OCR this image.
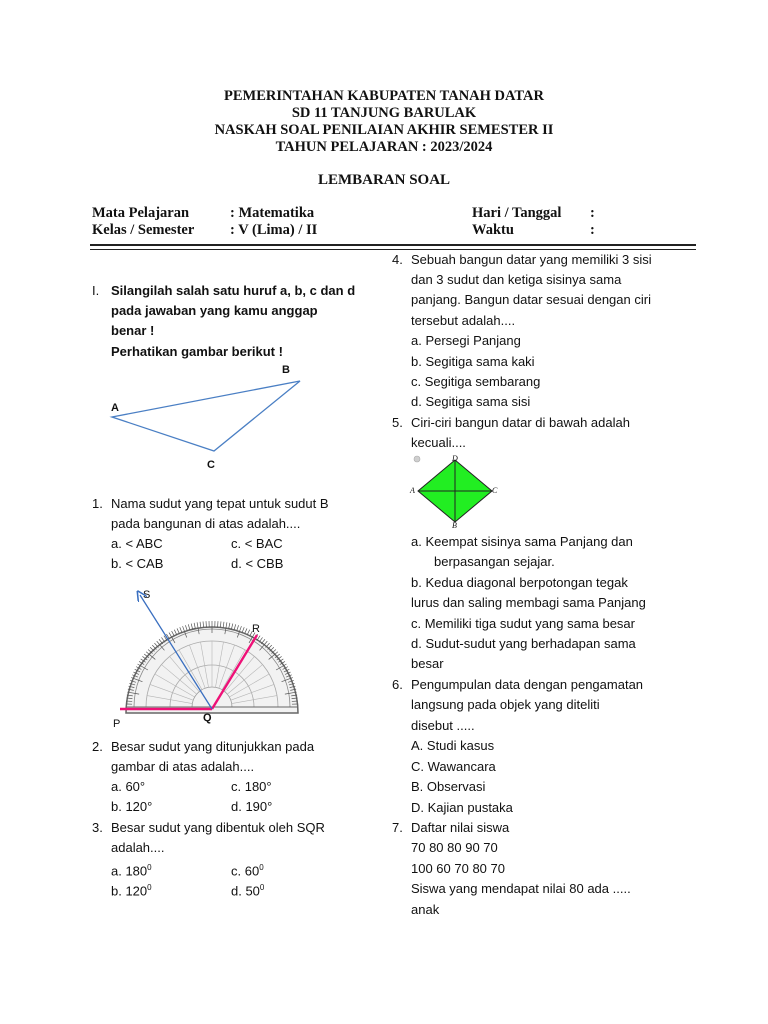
PEMERINTAHAN KABUPATEN TANAH DATAR
SD 11 TANJUNG BARULAK
NASKAH SOAL PENILAIAN AKHIR SEMESTER II
TAHUN PELAJARAN : 2023/2024
LEMBARAN SOAL
Mata Pelajaran	: Matematika
Kelas / Semester : V (Lima) / II
Hari / Tanggal :
Waktu	:
I. Silangilah salah satu huruf a, b, c dan d
pada jawaban yang kamu anggap
benar !
Perhatikan gambar berikut !
A
B
C
1. Nama sudut yang tepat untuk sudut B
pada bangunan di atas adalah....
a. < ABC	c. < BAC
b. < CAB	d. < CBB
S
R
P	Q
2. Besar sudut yang ditunjukkan pada
gambar di atas adalah....
a. 60°	c. 180°
b. 120°	d. 190°
3. Besar sudut yang dibentuk oleh SQR
adalah....
a. $180^0$	c. $60^0$
b. $120^0$	d. $50^0$
4. Sebuah bangun datar yang memiliki 3 sisi
dan 3 sudut dan ketiga sisinya sama
panjang. Bangun datar sesuai dengan ciri
tersebut adalah....
a. Persegi Panjang
b. Segitiga sama kaki
c. Segitiga sembarang
d. Segitiga sama sisi
5. Ciri-ciri bangun datar di bawah adalah
kecuali....
A	C
D
B
a. Keempat sisinya sama Panjang dan
berpasangan sejajar.
b. Kedua diagonal berpotongan tegak
lurus dan saling membagi sama Panjang
c. Memiliki tiga sudut yang sama besar
d. Sudut-sudut yang berhadapan sama
besar
6. Pengumpulan data dengan pengamatan
langsung pada objek yang diteliti
disebut .....
A. Studi kasus
C. Wawancara
B. Observasi
D. Kajian pustaka
7. Daftar nilai siswa
70 80 80 90 70
100 60 70 80 70
Siswa yang mendapat nilai 80 ada .....
anak
